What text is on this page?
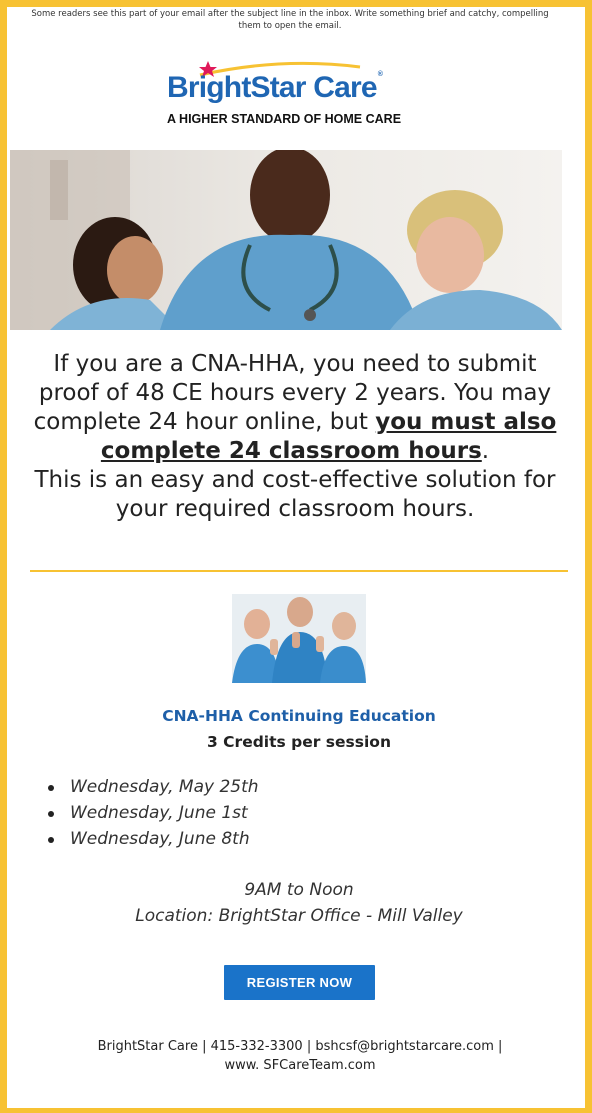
Some readers see this part of your email after the subject line in the inbox. Write something brief and catchy, compelling them to open the email.
BrightStar Care®
A HIGHER STANDARD OF HOME CARE
If you are a CNA-HHA, you need to submit proof of 48 CE hours every 2 years. You may complete 24 hour online, but you must also complete 24 classroom hours.
This is an easy and cost-effective solution for your required classroom hours.
CNA-HHA Continuing Education
3 Credits per session
Wednesday, May 25th
Wednesday, June 1st
Wednesday, June 8th
9AM to Noon
Location: BrightStar Office - Mill Valley
REGISTER NOW
BrightStar Care | 415-332-3300 | bshcsf@brightstarcare.com |
www. SFCareTeam.com
